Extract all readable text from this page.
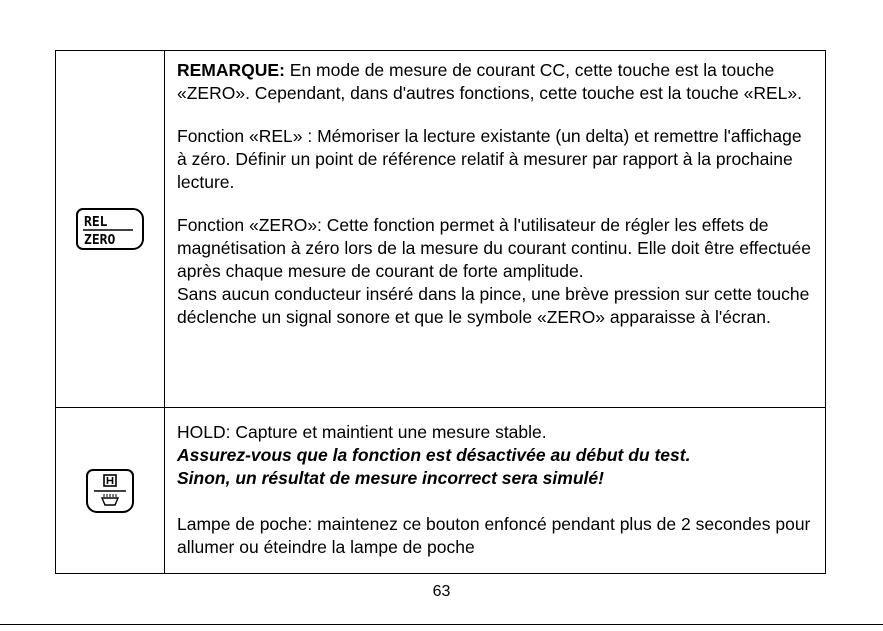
REL
ZERO

REMARQUE: En mode de mesure de courant CC, cette touche est la touche «ZERO». Cependant, dans d'autres fonctions, cette touche est la touche «REL».

Fonction «REL» : Mémoriser la lecture existante (un delta) et remettre l'affichage à zéro. Définir un point de référence relatif à mesurer par rapport à la prochaine lecture.

Fonction «ZERO»: Cette fonction permet à l'utilisateur de régler les effets de magnétisation à zéro lors de la mesure du courant continu. Elle doit être effectuée après chaque mesure de courant de forte amplitude.

Sans aucun conducteur inséré dans la pince, une brève pression sur cette touche déclenche un signal sonore et que le symbole «ZERO» apparaisse à l'écran.

HOLD: Capture et maintient une mesure stable.

Assurez-vous que la fonction est désactivée au début du test.

Sinon, un résultat de mesure incorrect sera simulé!

Lampe de poche: maintenez ce bouton enfoncé pendant plus de 2 secondes pour allumer ou éteindre la lampe de poche

63
